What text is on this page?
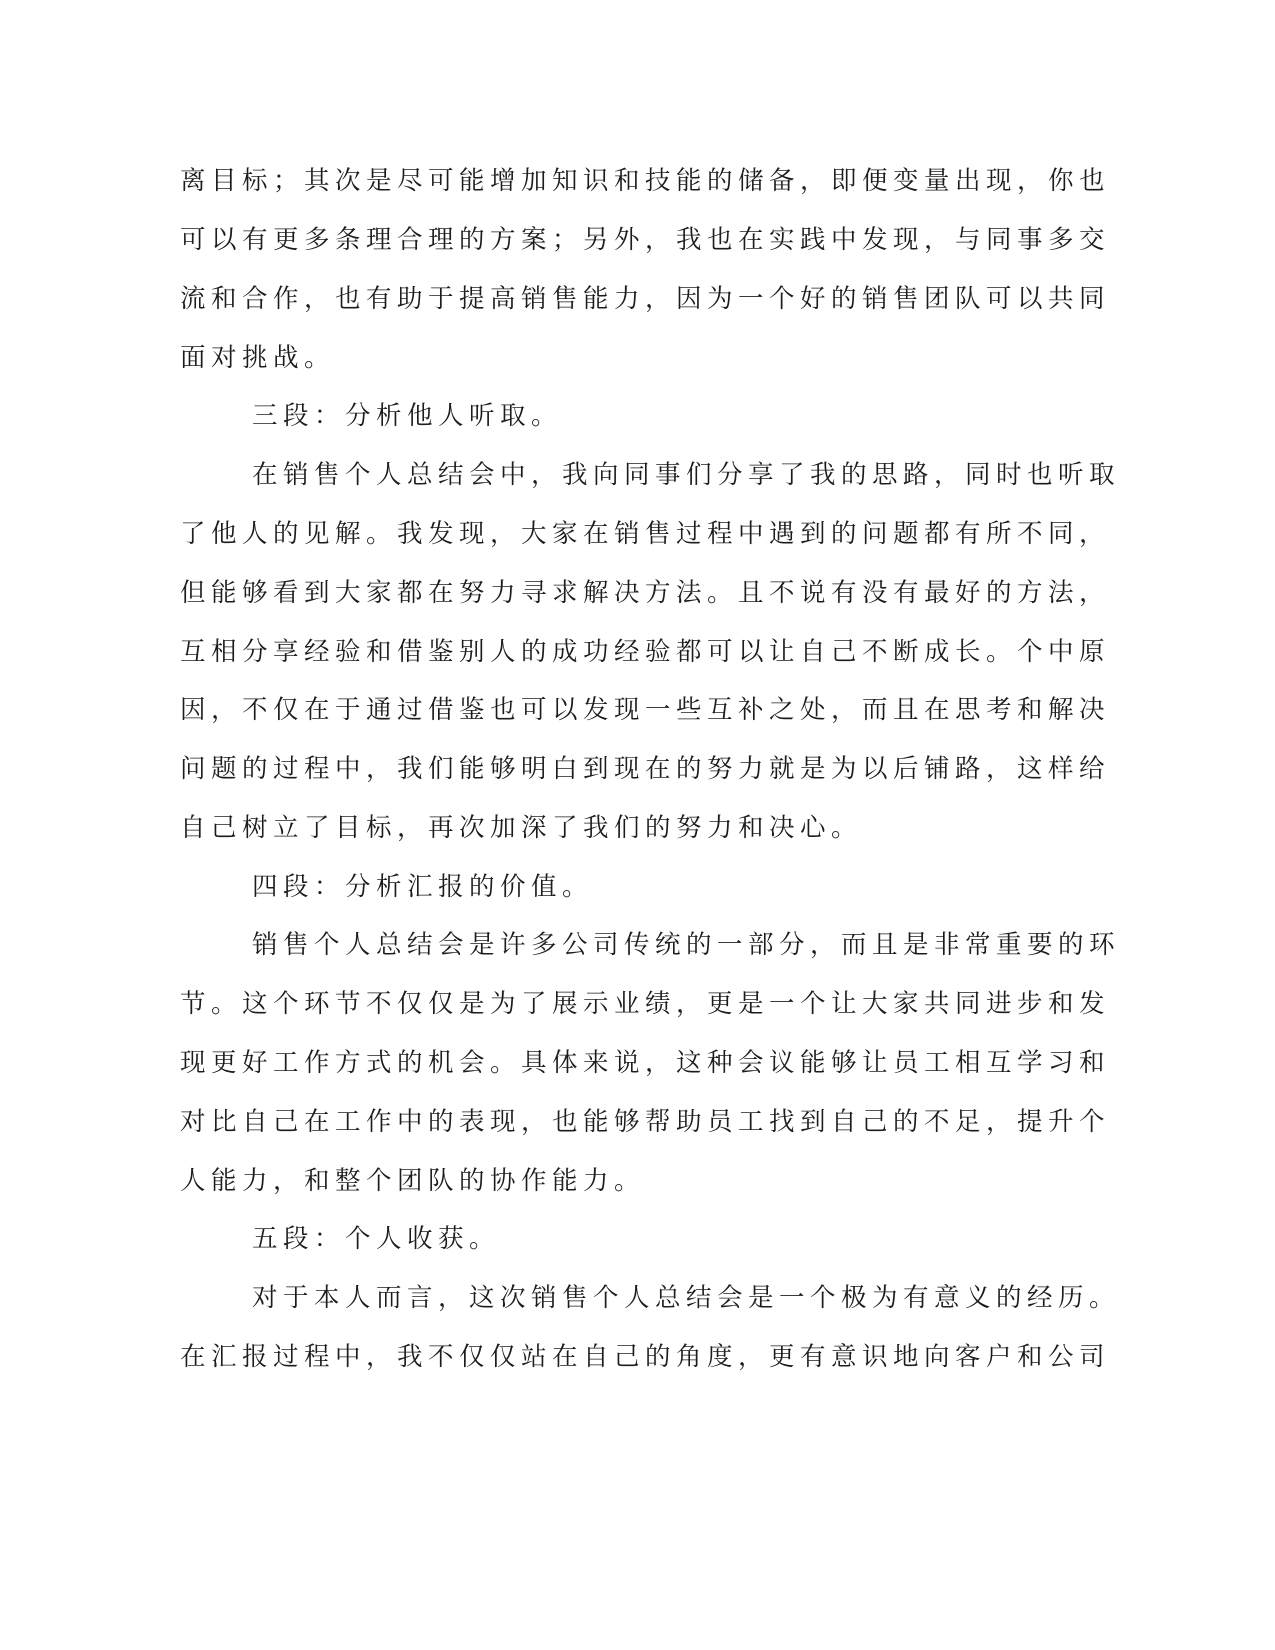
离目标；其次是尽可能增加知识和技能的储备，即便变量出现，你也
可以有更多条理合理的方案；另外，我也在实践中发现，与同事多交
流和合作，也有助于提高销售能力，因为一个好的销售团队可以共同
面对挑战。
三段：分析他人听取。
在销售个人总结会中，我向同事们分享了我的思路，同时也听取
了他人的见解。我发现，大家在销售过程中遇到的问题都有所不同，
但能够看到大家都在努力寻求解决方法。且不说有没有最好的方法，
互相分享经验和借鉴别人的成功经验都可以让自己不断成长。个中原
因，不仅在于通过借鉴也可以发现一些互补之处，而且在思考和解决
问题的过程中，我们能够明白到现在的努力就是为以后铺路，这样给
自己树立了目标，再次加深了我们的努力和决心。
四段：分析汇报的价值。
销售个人总结会是许多公司传统的一部分，而且是非常重要的环
节。这个环节不仅仅是为了展示业绩，更是一个让大家共同进步和发
现更好工作方式的机会。具体来说，这种会议能够让员工相互学习和
对比自己在工作中的表现，也能够帮助员工找到自己的不足，提升个
人能力，和整个团队的协作能力。
五段：个人收获。
对于本人而言，这次销售个人总结会是一个极为有意义的经历。
在汇报过程中，我不仅仅站在自己的角度，更有意识地向客户和公司
